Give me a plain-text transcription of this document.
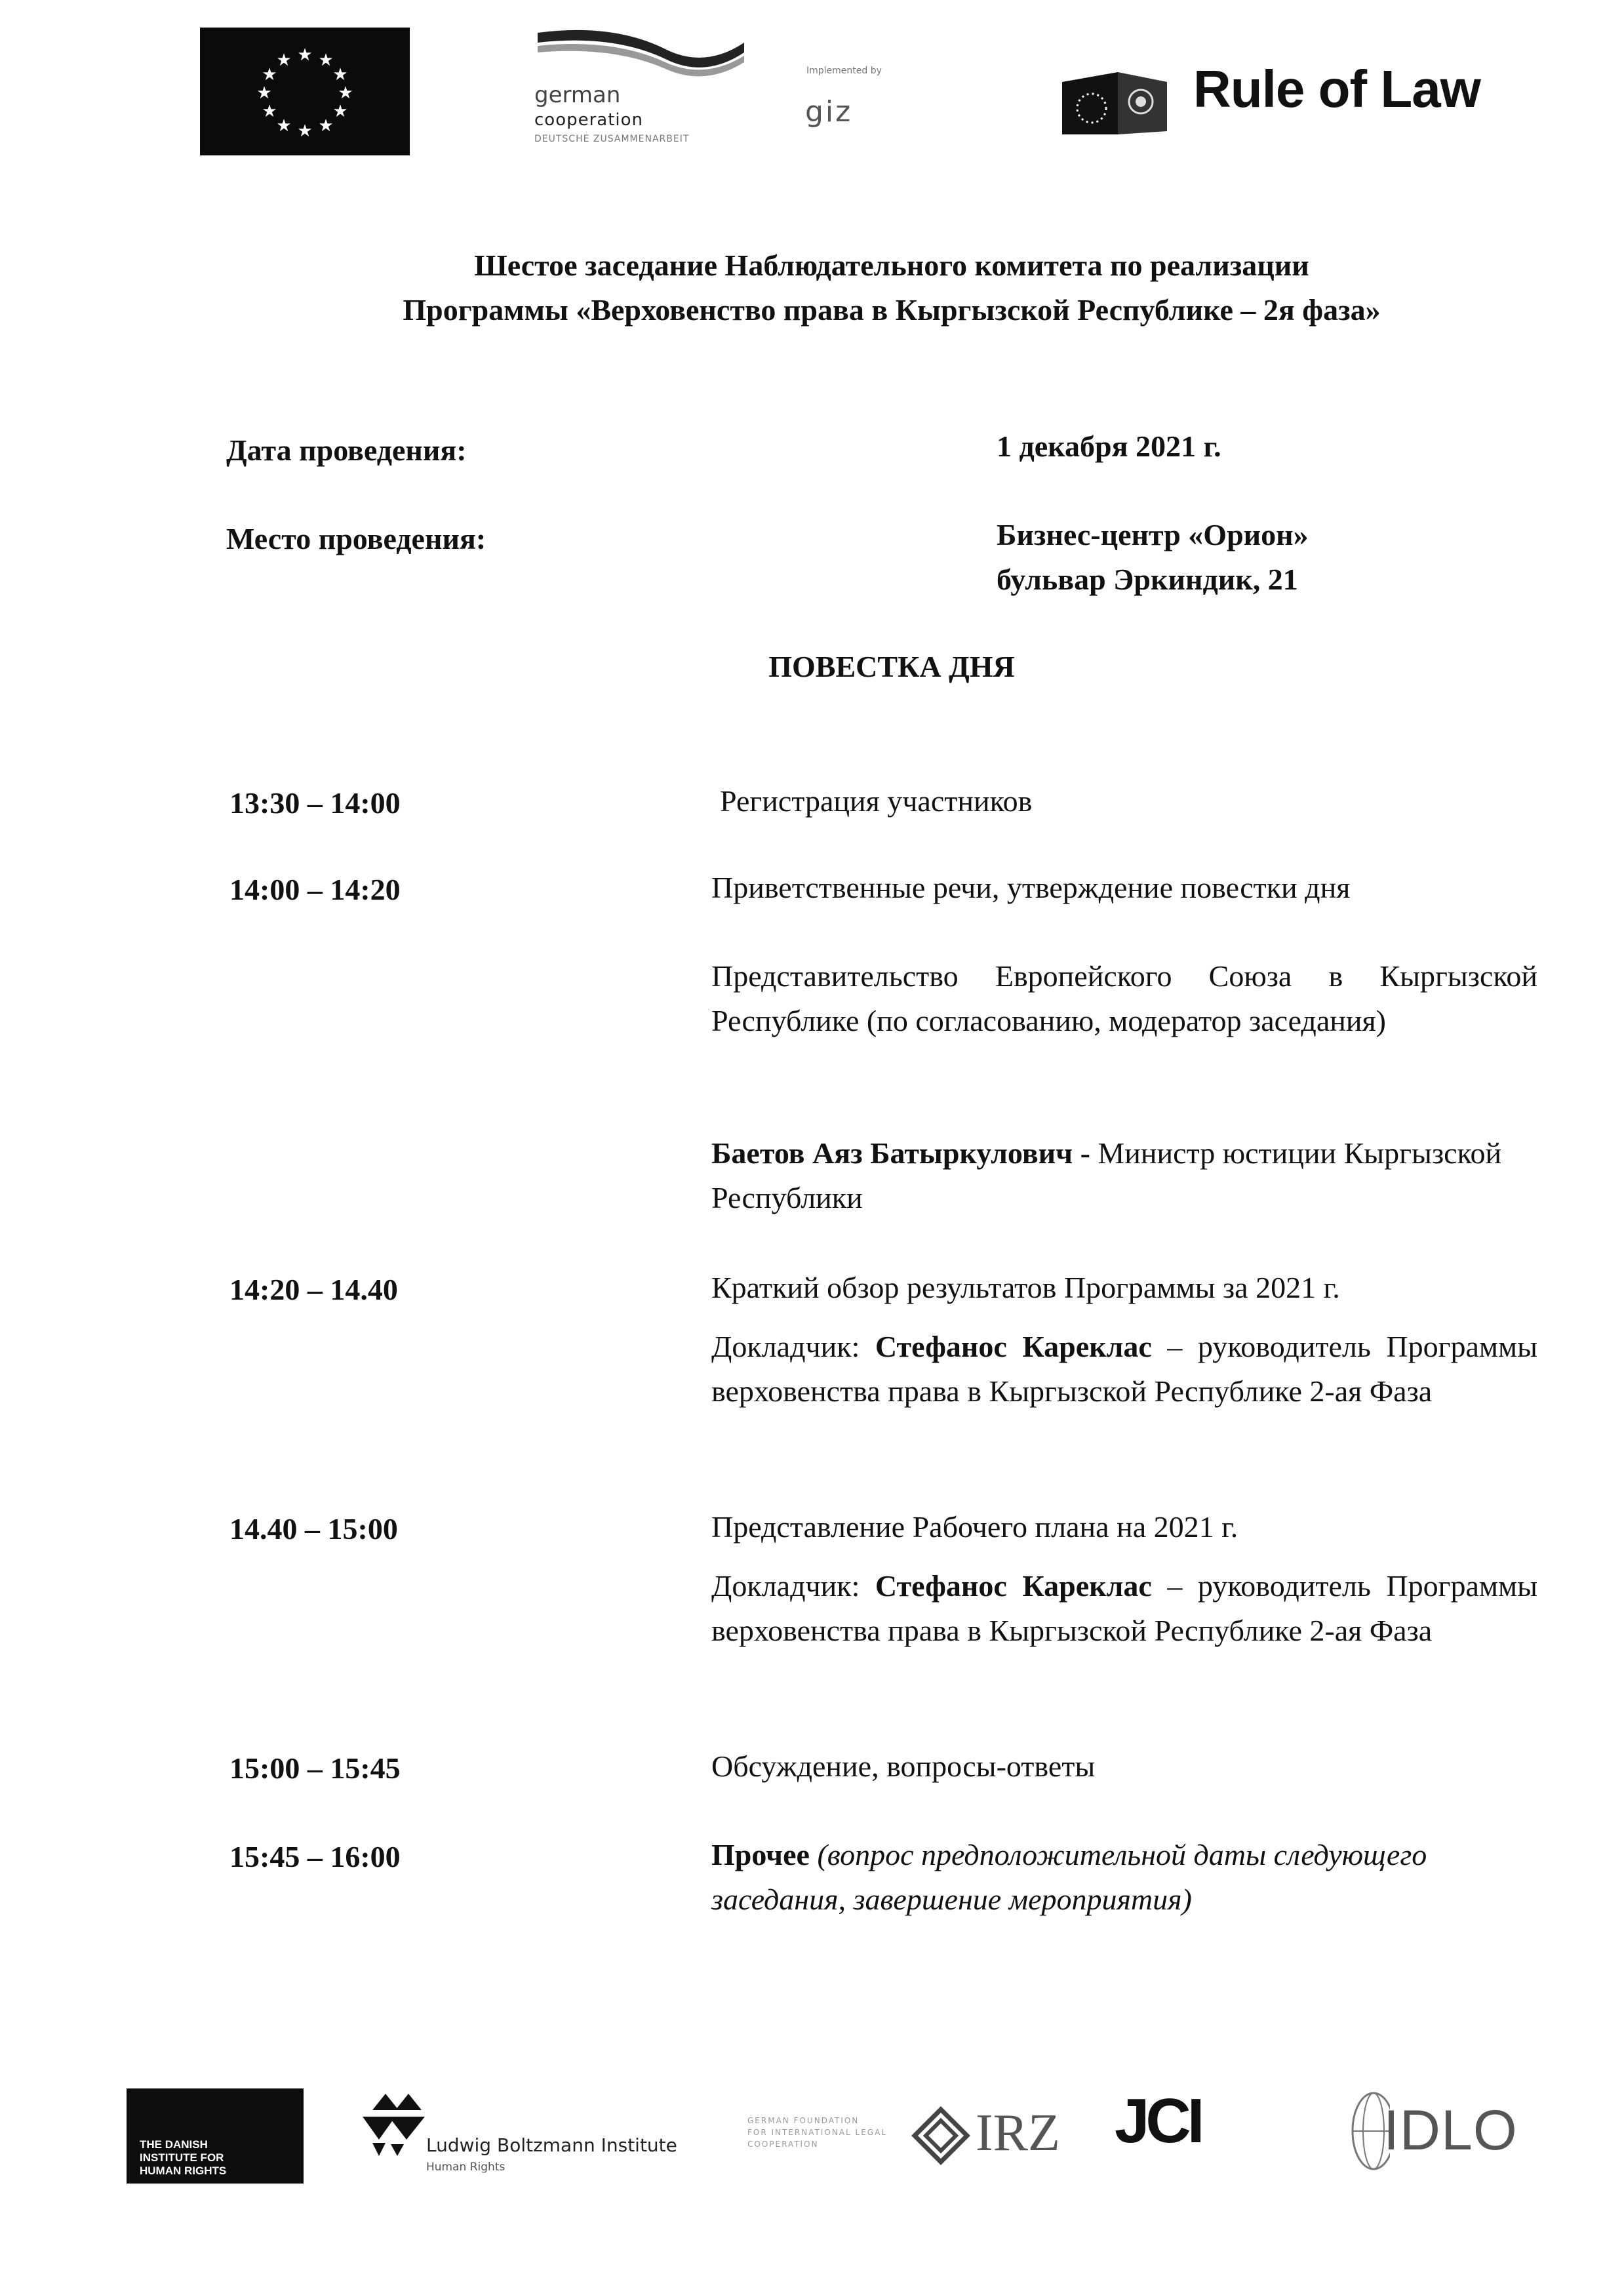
★ ★
★
★
★
★
★
★
★
★
★
★
german
cooperation
DEUTSCHE ZUSAMMENARBEIT
Implemented by
giz	Rule of Law
Шестое заседание Наблюдательного комитета по реализации
Программы «Верховенство права в Кыргызской Республике – 2я фаза»
Дата проведения:	1 декабря 2021 г.
Место проведения:	Бизнес-центр «Орион»
бульвар Эркиндик, 21
ПОВЕСТКА ДНЯ
13:30 – 14:00	Регистрация участников
14:00 – 14:20	Приветственные речи, утверждение повестки дня
Представительство Европейского Союза в Кыргызской Республике (по согласованию, модератор заседания)
Баетов Аяз Батыркулович - Министр юстиции Кыргызской Республики
14:20 – 14.40	Краткий обзор результатов Программы за 2021 г.
Докладчик: Стефанос Кареклас – руководитель Программы верховенства права в Кыргызской Республике 2-ая Фаза
14.40 – 15:00	Представление Рабочего плана на 2021 г.
Докладчик: Стефанос Кареклас – руководитель Программы верховенства права в Кыргызской Республике 2-ая Фаза
15:00 – 15:45	Обсуждение, вопросы-ответы
15:45 – 16:00	Прочее (вопрос предположительной даты следующего заседания, завершение мероприятия)
THE DANISH
INSTITUTE FOR
HUMAN RIGHTS
Ludwig Boltzmann Institute
Human Rights
GERMAN FOUNDATION
FOR INTERNATIONAL LEGAL
COOPERATION	IRZ JCI	IDLO
